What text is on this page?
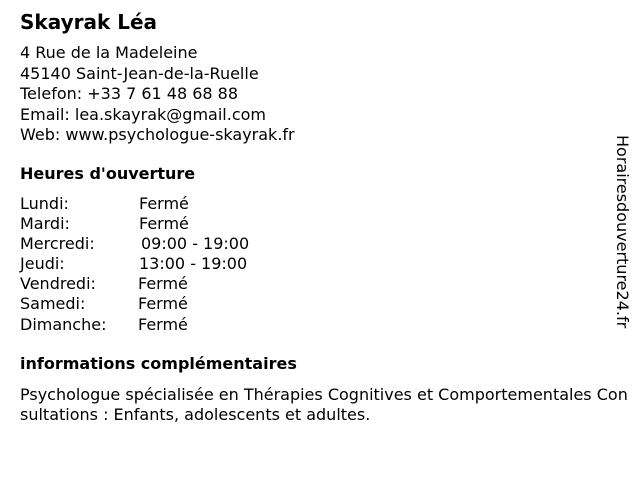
Skayrak Léa
4 Rue de la Madeleine
45140 Saint-Jean-de-la-Ruelle
Telefon: +33 7 61 48 68 88
Email: lea.skayrak@gmail.com
Web: www.psychologue-skayrak.fr
Heures d'ouverture
Lundi:	Fermé
Mardi:	Fermé
Mercredi:	09:00 - 19:00
Jeudi:	13:00 - 19:00
Vendredi:	Fermé
Samedi:	Fermé
Dimanche: Fermé
informations complémentaires
Psychologue spécialisée en Thérapies Cognitives et Comportementales Consultations : Enfants, adolescents et adultes.
Horairesdouverture24.fr
